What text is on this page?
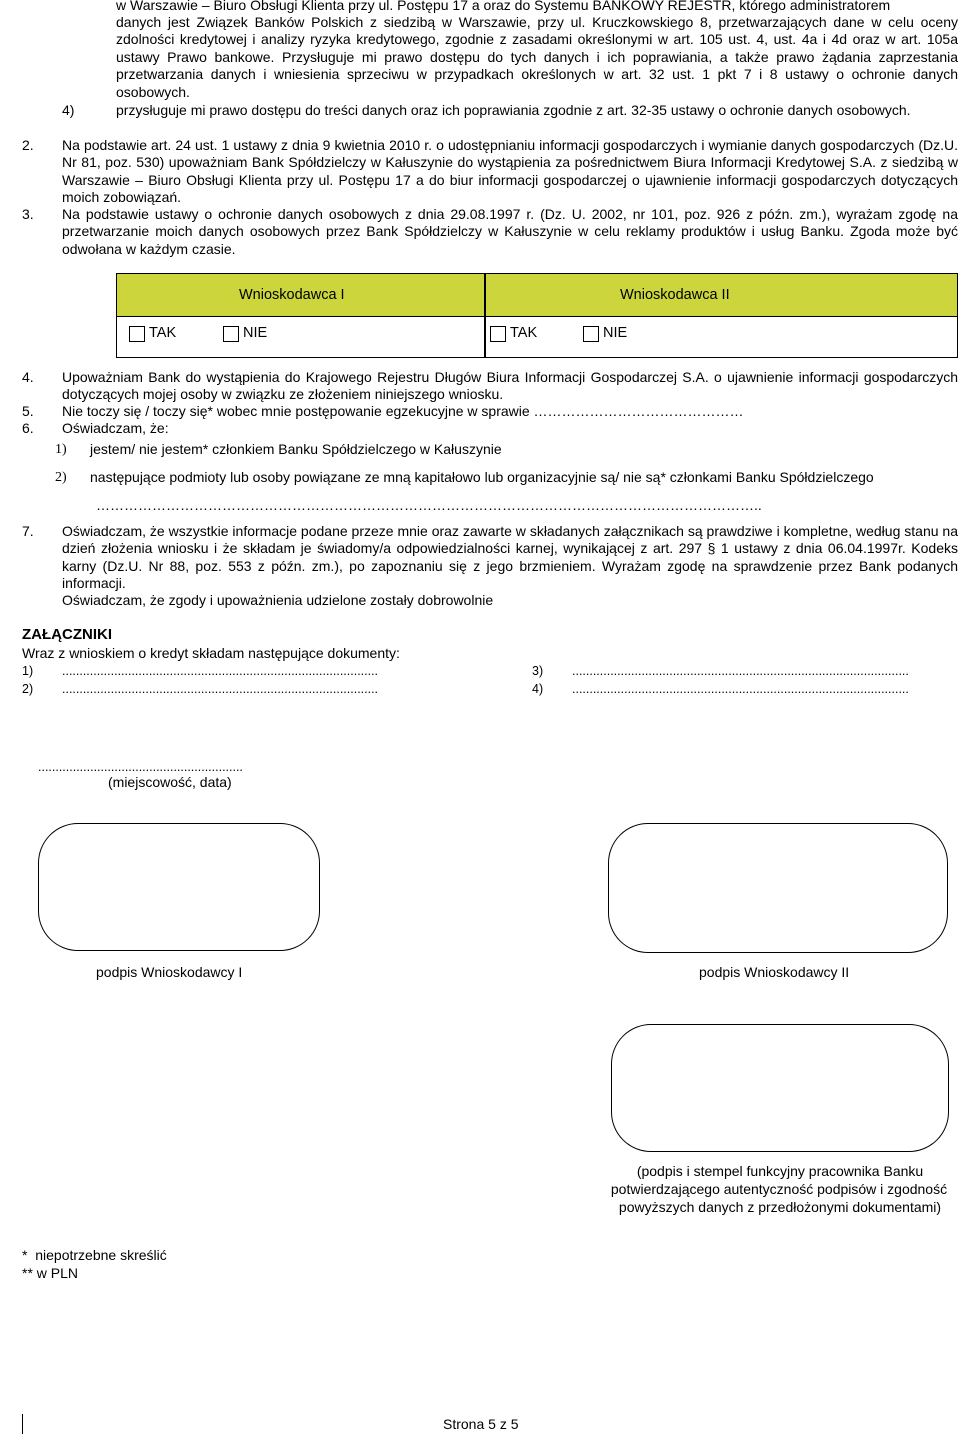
w Warszawie – Biuro Obsługi Klienta przy ul. Postępu 17 a oraz do Systemu BANKOWY REJESTR, którego administratorem
danych jest Związek Banków Polskich z siedzibą w Warszawie, przy ul. Kruczkowskiego 8, przetwarzających dane w celu oceny zdolności kredytowej i analizy ryzyka kredytowego, zgodnie z zasadami określonymi w art. 105 ust. 4, ust. 4a i 4d oraz w art. 105a ustawy Prawo bankowe. Przysługuje mi prawo dostępu do tych danych i ich poprawiania, a także prawo żądania zaprzestania przetwarzania danych i wniesienia sprzeciwu w przypadkach określonych w art. 32 ust. 1 pkt 7 i 8 ustawy o ochronie danych osobowych.
4)	przysługuje mi prawo dostępu do treści danych oraz ich poprawiania zgodnie z art. 32-35 ustawy o ochronie danych osobowych.
2. Na podstawie art. 24 ust. 1 ustawy z dnia 9 kwietnia 2010 r. o udostępnianiu informacji gospodarczych i wymianie danych gospodarczych (Dz.U. Nr 81, poz. 530) upoważniam Bank Spółdzielczy w Kałuszynie do wystąpienia za pośrednictwem Biura Informacji Kredytowej S.A. z siedzibą w Warszawie – Biuro Obsługi Klienta przy ul. Postępu 17 a do biur informacji gospodarczej o ujawnienie informacji gospodarczych dotyczących moich zobowiązań.
3. Na podstawie ustawy o ochronie danych osobowych z dnia 29.08.1997 r. (Dz. U. 2002, nr 101, poz. 926 z późn. zm.), wyrażam zgodę na przetwarzanie moich danych osobowych przez Bank Spółdzielczy w Kałuszynie w celu reklamy produktów i usług Banku. Zgoda może być odwołana w każdym czasie.
Wnioskodawca I	Wnioskodawca II
TAK	NIE	TAK	NIE
4. Upoważniam Bank do wystąpienia do Krajowego Rejestru Długów Biura Informacji Gospodarczej S.A. o ujawnienie informacji gospodarczych dotyczących mojej osoby w związku ze złożeniem niniejszego wniosku.
5. Nie toczy się / toczy się* wobec mnie postępowanie egzekucyjne w sprawie ………………………………………
6. Oświadczam, że:
1) jestem/ nie jestem* członkiem Banku Spółdzielczego w Kałuszynie
2) następujące podmioty lub osoby powiązane ze mną kapitałowo lub organizacyjnie są/ nie są* członkami Banku Spółdzielczego
……………………………………………………………………………………………………………………………..
7. Oświadczam, że wszystkie informacje podane przeze mnie oraz zawarte w składanych załącznikach są prawdziwe i kompletne, według stanu na dzień złożenia wniosku i że składam je świadomy/a odpowiedzialności karnej, wynikającej z art. 297 § 1 ustawy z dnia 06.04.1997r. Kodeks karny (Dz.U. Nr 88, poz. 553 z późn. zm.), po zapoznaniu się z jego brzmieniem. Wyrażam zgodę na sprawdzenie przez Bank podanych informacji.
Oświadczam, że zgody i upoważnienia udzielone zostały dobrowolnie
ZAŁĄCZNIKI
Wraz z wnioskiem o kredyt składam następujące dokumenty:
1) ...........................................................................................
2) ...........................................................................................
3) .................................................................................................
4) .................................................................................................
...........................................................
(miejscowość, data)
podpis Wnioskodawcy I	podpis Wnioskodawcy II
(podpis i stempel funkcyjny pracownika Banku
potwierdzającego autentyczność podpisów i zgodność
powyższych danych z przedłożonymi dokumentami)
*  niepotrzebne skreślić
** w PLN
Strona 5 z 5
